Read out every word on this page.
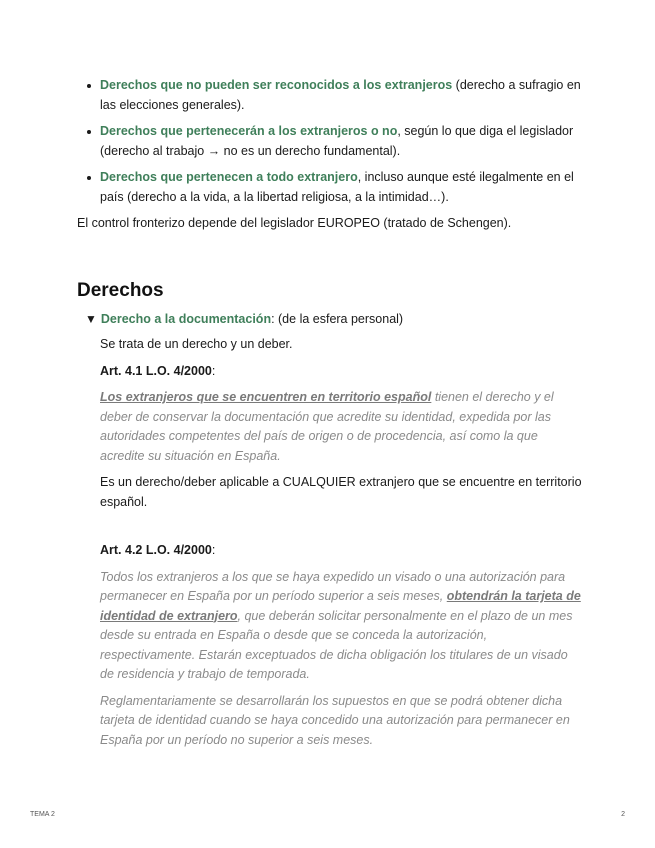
Derechos que no pueden ser reconocidos a los extranjeros (derecho a sufragio en las elecciones generales).
Derechos que pertenecerán a los extranjeros o no, según lo que diga el legislador (derecho al trabajo → no es un derecho fundamental).
Derechos que pertenecen a todo extranjero, incluso aunque esté ilegalmente en el país (derecho a la vida, a la libertad religiosa, a la intimidad…).

El control fronterizo depende del legislador EUROPEO (tratado de Schengen).

Derechos
▼ Derecho a la documentación : (de la esfera personal)

Se trata de un derecho y un deber.

Art. 4.1 L.O. 4/2000:

Los extranjeros que se encuentren en territorio español tienen el derecho y el deber de conservar la documentación que acredite su identidad, expedida por las autoridades competentes del país de origen o de procedencia, así como la que acredite su situación en España.

Es un derecho/deber aplicable a CUALQUIER extranjero que se encuentre en territorio español.

Art. 4.2 L.O. 4/2000:

Todos los extranjeros a los que se haya expedido un visado o una autorización para permanecer en España por un período superior a seis meses, obtendrán la tarjeta de identidad de extranjero, que deberán solicitar personalmente en el plazo de un mes desde su entrada en España o desde que se conceda la autorización, respectivamente. Estarán exceptuados de dicha obligación los titulares de un visado de residencia y trabajo de temporada.

Reglamentariamente se desarrollarán los supuestos en que se podrá obtener dicha tarjeta de identidad cuando se haya concedido una autorización para permanecer en España por un período no superior a seis meses.

TEMA 2	2
